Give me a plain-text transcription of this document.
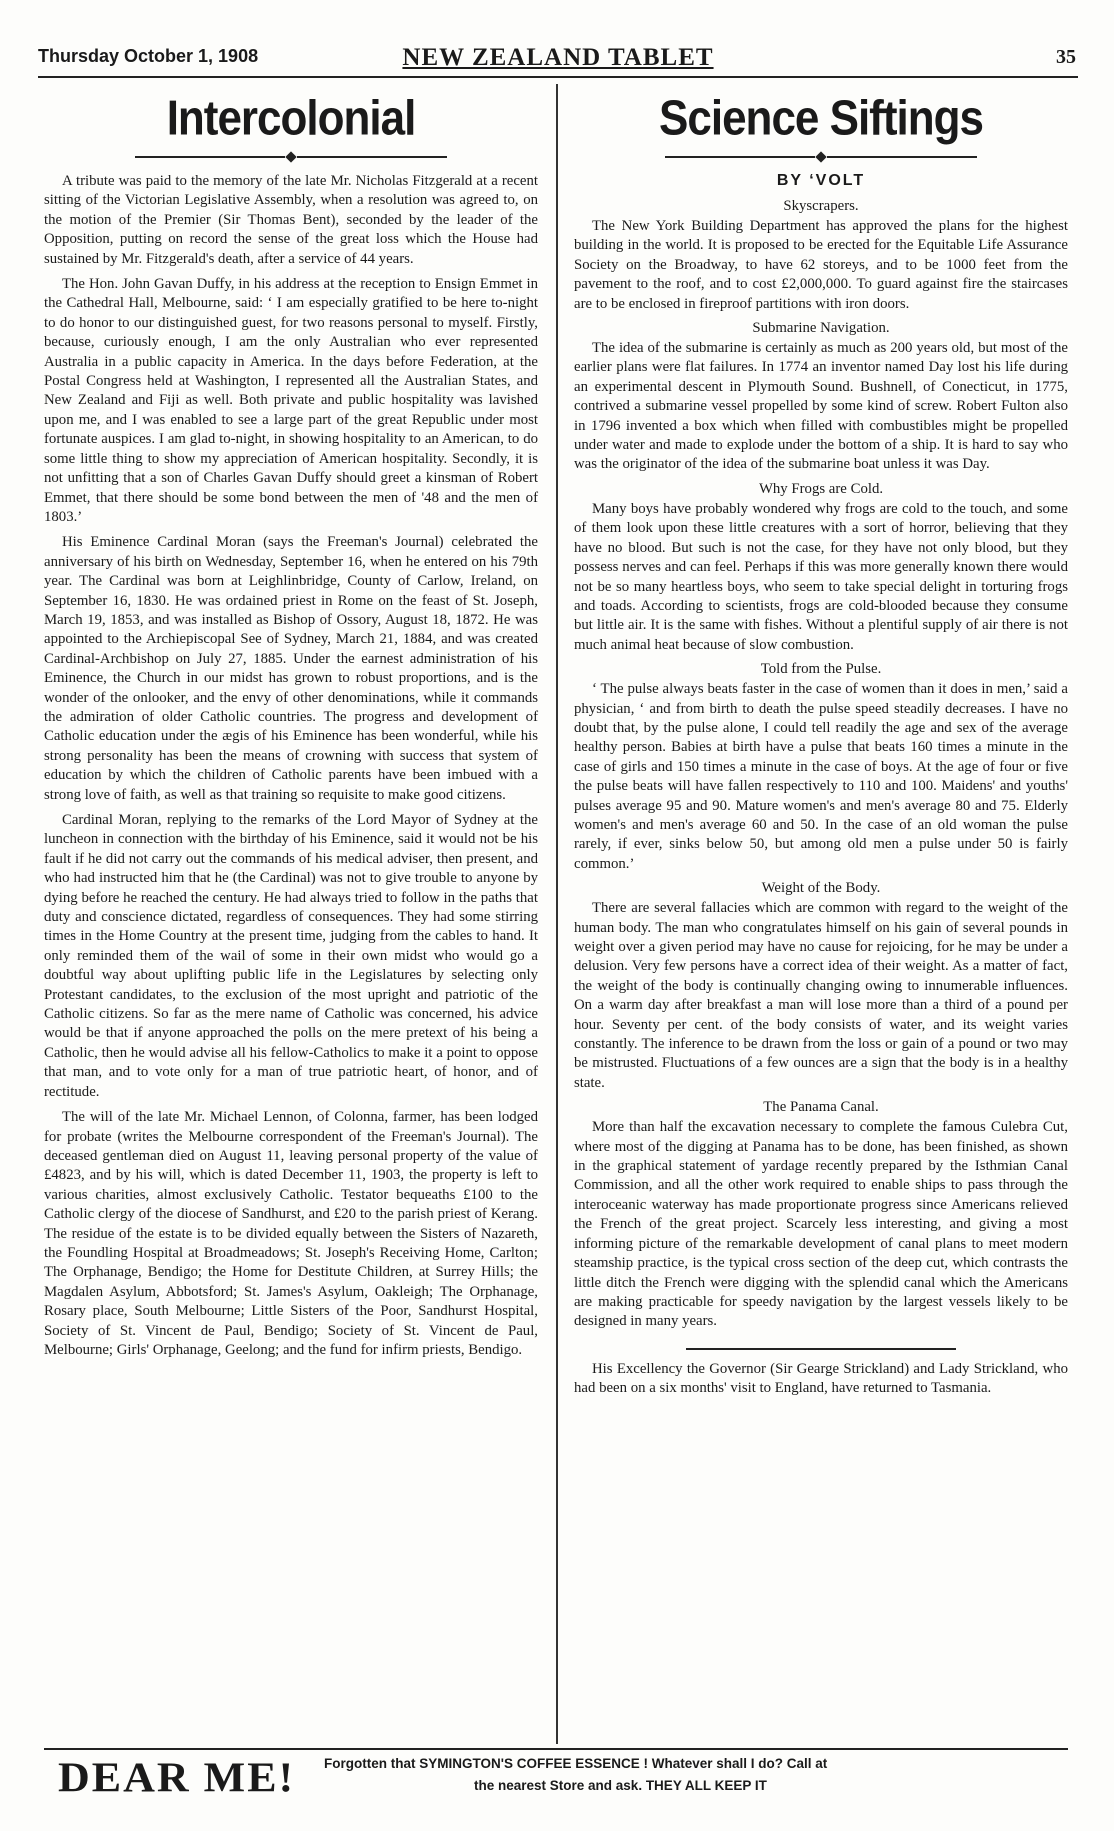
Thursday October 1, 1908	NEW ZEALAND TABLET	35
Intercolonial

A tribute was paid to the memory of the late Mr. Nicholas Fitzgerald at a recent sitting of the Victorian Legislative Assembly, when a resolution was agreed to, on the motion of the Premier (Sir Thomas Bent), seconded by the leader of the Opposition, putting on record the sense of the great loss which the House had sustained by Mr. Fitzgerald's death, after a service of 44 years.

The Hon. John Gavan Duffy, in his address at the reception to Ensign Emmet in the Cathedral Hall, Melbourne, said: ‘ I am especially gratified to be here to-night to do honor to our distinguished guest, for two reasons personal to myself. Firstly, because, curiously enough, I am the only Australian who ever represented Australia in a public capacity in America. In the days before Federation, at the Postal Congress held at Washington, I represented all the Australian States, and New Zealand and Fiji as well. Both private and public hospitality was lavished upon me, and I was enabled to see a large part of the great Republic under most fortunate auspices. I am glad to-night, in showing hospitality to an American, to do some little thing to show my appreciation of American hospitality. Secondly, it is not unfitting that a son of Charles Gavan Duffy should greet a kinsman of Robert Emmet, that there should be some bond between the men of '48 and the men of 1803.’

His Eminence Cardinal Moran (says the Freeman's Journal) celebrated the anniversary of his birth on Wednesday, September 16, when he entered on his 79th year. The Cardinal was born at Leighlinbridge, County of Carlow, Ireland, on September 16, 1830. He was ordained priest in Rome on the feast of St. Joseph, March 19, 1853, and was installed as Bishop of Ossory, August 18, 1872. He was appointed to the Archiepiscopal See of Sydney, March 21, 1884, and was created Cardinal-Archbishop on July 27, 1885. Under the earnest administration of his Eminence, the Church in our midst has grown to robust proportions, and is the wonder of the onlooker, and the envy of other denominations, while it commands the admiration of older Catholic countries. The progress and development of Catholic education under the ægis of his Eminence has been wonderful, while his strong personality has been the means of crowning with success that system of education by which the children of Catholic parents have been imbued with a strong love of faith, as well as that training so requisite to make good citizens.

Cardinal Moran, replying to the remarks of the Lord Mayor of Sydney at the luncheon in connection with the birthday of his Eminence, said it would not be his fault if he did not carry out the commands of his medical adviser, then present, and who had instructed him that he (the Cardinal) was not to give trouble to anyone by dying before he reached the century. He had always tried to follow in the paths that duty and conscience dictated, regardless of consequences. They had some stirring times in the Home Country at the present time, judging from the cables to hand. It only reminded them of the wail of some in their own midst who would go a doubtful way about uplifting public life in the Legislatures by selecting only Protestant candidates, to the exclusion of the most upright and patriotic of the Catholic citizens. So far as the mere name of Catholic was concerned, his advice would be that if anyone approached the polls on the mere pretext of his being a Catholic, then he would advise all his fellow-Catholics to make it a point to oppose that man, and to vote only for a man of true patriotic heart, of honor, and of rectitude.

The will of the late Mr. Michael Lennon, of Colonna, farmer, has been lodged for probate (writes the Melbourne correspondent of the Freeman's Journal). The deceased gentleman died on August 11, leaving personal property of the value of £4823, and by his will, which is dated December 11, 1903, the property is left to various charities, almost exclusively Catholic. Testator bequeaths £100 to the Catholic clergy of the diocese of Sandhurst, and £20 to the parish priest of Kerang. The residue of the estate is to be divided equally between the Sisters of Nazareth, the Foundling Hospital at Broadmeadows; St. Joseph's Receiving Home, Carlton; The Orphanage, Bendigo; the Home for Destitute Children, at Surrey Hills; the Magdalen Asylum, Abbotsford; St. James's Asylum, Oakleigh; The Orphanage, Rosary place, South Melbourne; Little Sisters of the Poor, Sandhurst Hospital, Society of St. Vincent de Paul, Bendigo; Society of St. Vincent de Paul, Melbourne; Girls' Orphanage, Geelong; and the fund for infirm priests, Bendigo.

Science Siftings
BY ‘VOLT
Skyscrapers.

The New York Building Department has approved the plans for the highest building in the world. It is proposed to be erected for the Equitable Life Assurance Society on the Broadway, to have 62 storeys, and to be 1000 feet from the pavement to the roof, and to cost £2,000,000. To guard against fire the staircases are to be enclosed in fireproof partitions with iron doors.

Submarine Navigation.

The idea of the submarine is certainly as much as 200 years old, but most of the earlier plans were flat failures. In 1774 an inventor named Day lost his life during an experimental descent in Plymouth Sound. Bushnell, of Conecticut, in 1775, contrived a submarine vessel propelled by some kind of screw. Robert Fulton also in 1796 invented a box which when filled with combustibles might be propelled under water and made to explode under the bottom of a ship. It is hard to say who was the originator of the idea of the submarine boat unless it was Day.

Why Frogs are Cold.

Many boys have probably wondered why frogs are cold to the touch, and some of them look upon these little creatures with a sort of horror, believing that they have no blood. But such is not the case, for they have not only blood, but they possess nerves and can feel. Perhaps if this was more generally known there would not be so many heartless boys, who seem to take special delight in torturing frogs and toads. According to scientists, frogs are cold-blooded because they consume but little air. It is the same with fishes. Without a plentiful supply of air there is not much animal heat because of slow combustion.

Told from the Pulse.

‘ The pulse always beats faster in the case of women than it does in men,’ said a physician, ‘ and from birth to death the pulse speed steadily decreases. I have no doubt that, by the pulse alone, I could tell readily the age and sex of the average healthy person. Babies at birth have a pulse that beats 160 times a minute in the case of girls and 150 times a minute in the case of boys. At the age of four or five the pulse beats will have fallen respectively to 110 and 100. Maidens' and youths' pulses average 95 and 90. Mature women's and men's average 80 and 75. Elderly women's and men's average 60 and 50. In the case of an old woman the pulse rarely, if ever, sinks below 50, but among old men a pulse under 50 is fairly common.’

Weight of the Body.

There are several fallacies which are common with regard to the weight of the human body. The man who congratulates himself on his gain of several pounds in weight over a given period may have no cause for rejoicing, for he may be under a delusion. Very few persons have a correct idea of their weight. As a matter of fact, the weight of the body is continually changing owing to innumerable influences. On a warm day after breakfast a man will lose more than a third of a pound per hour. Seventy per cent. of the body consists of water, and its weight varies constantly. The inference to be drawn from the loss or gain of a pound or two may be mistrusted. Fluctuations of a few ounces are a sign that the body is in a healthy state.

The Panama Canal.

More than half the excavation necessary to complete the famous Culebra Cut, where most of the digging at Panama has to be done, has been finished, as shown in the graphical statement of yardage recently prepared by the Isthmian Canal Commission, and all the other work required to enable ships to pass through the interoceanic waterway has made proportionate progress since Americans relieved the French of the great project. Scarcely less interesting, and giving a most informing picture of the remarkable development of canal plans to meet modern steamship practice, is the typical cross section of the deep cut, which contrasts the little ditch the French were digging with the splendid canal which the Americans are making practicable for speedy navigation by the largest vessels likely to be designed in many years.

His Excellency the Governor (Sir Gearge Strickland) and Lady Strickland, who had been on a six months' visit to England, have returned to Tasmania.

DEAR ME! Forgotten that SYMINGTON'S COFFEE ESSENCE ! Whatever shall I do? Call at
the nearest Store and ask. THEY ALL KEEP IT
